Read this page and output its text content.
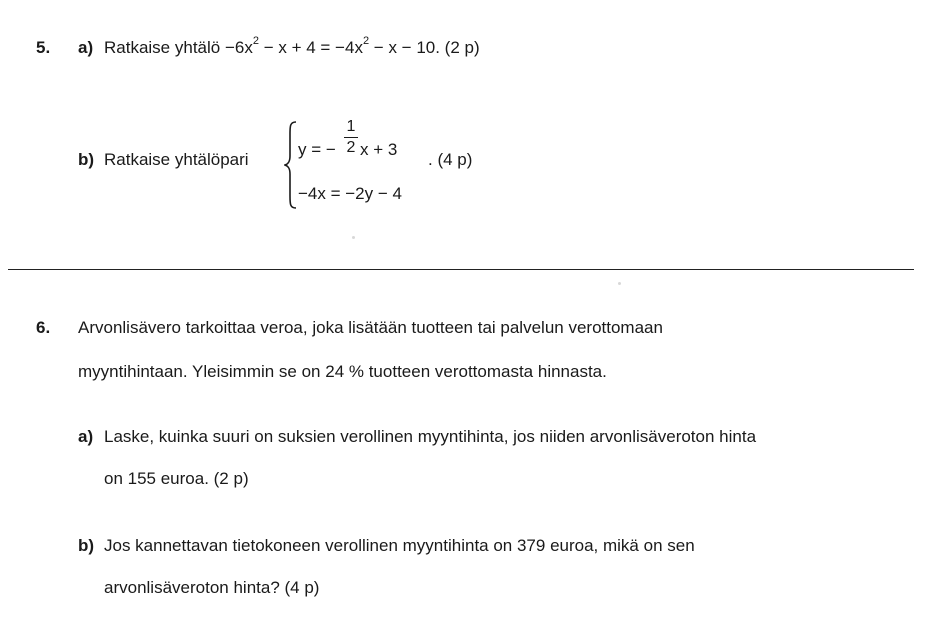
5. a) Ratkaise yhtälö $-6x^2 - x + 4 = -4x^2 - x - 10$. (2 p)
b) Ratkaise yhtälöpari
y = −
1
2 x + 3
−4x = −2y − 4
. (4 p)
6. Arvonlisävero tarkoittaa veroa, joka lisätään tuotteen tai palvelun verottomaan
myyntihintaan. Yleisimmin se on 24 % tuotteen verottomasta hinnasta.
a) Laske, kuinka suuri on suksien verollinen myyntihinta, jos niiden arvonlisäveroton hinta
on 155 euroa. (2 p)
b) Jos kannettavan tietokoneen verollinen myyntihinta on 379 euroa, mikä on sen
arvonlisäveroton hinta? (4 p)
